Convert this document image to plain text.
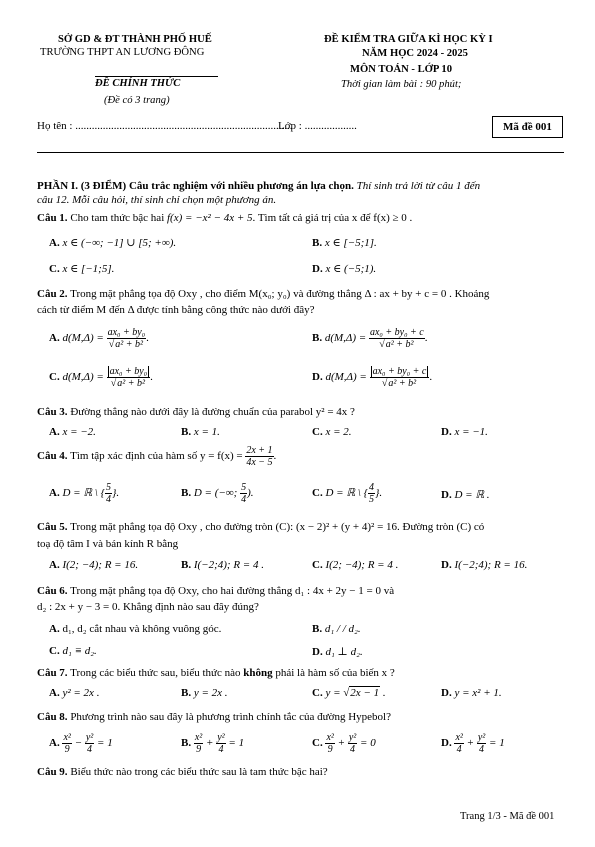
SỞ GD & ĐT THÀNH PHỐ HUẾ
TRƯỜNG THPT AN LƯƠNG ĐÔNG
ĐỀ CHÍNH THỨC
(Đề có 3 trang)
ĐỀ KIỂM TRA GIỮA KÌ HỌC KỲ I
NĂM HỌC 2024 - 2025
MÔN TOÁN - LỚP 10
Thời gian làm bài : 90 phút;
Họ tên : ...............................................................................
Lớp : ...................	Mã đề 001
PHẦN I. (3 ĐIỂM) Câu trắc nghiệm với nhiều phương án lựa chọn. Thí sinh trả lời từ câu 1 đến
câu 12. Mỗi câu hỏi, thí sinh chỉ chọn một phương án.
Câu 1. Cho tam thức bậc hai f(x) = −x² − 4x + 5. Tìm tất cả giá trị của x để f(x) ≥ 0 .
A. x ∈ (−∞; −1] ∪ [5; +∞).	B. x ∈ [−5;1].
C. x ∈ [−1;5].	D. x ∈ (−5;1).
Câu 2. Trong mặt phẳng tọa độ Oxy , cho điểm M(x₀; y₀) và đường thẳng Δ : ax + by + c = 0 . Khoảng
cách từ điểm M đến Δ được tính bằng công thức nào dưới đây?
A. $d(M,\Delta) = \frac{\text{ax₀ + by₀}}{\text{√a² + b²}}$ .	B. $d(M,\Delta) = \frac{\text{ax₀ + by₀ + c}}{\text{√a² + b²}}$ .
C. $d(M,\Delta) = \frac{\text{ax₀ + by₀}}{\text{√a² + b²}}$ .	D. $d(M,\Delta) = \frac{\text{ax₀ + by₀ + c}}{\text{√a² + b²}}$ .
Câu 3. Đường thẳng nào dưới đây là đường chuẩn của parabol y² = 4x ?
A. x = −2.	B. x = 1.	C. x = 2.	D. x = −1.
Câu 4. Tìm tập xác định của hàm số $y = f(x) = \frac{2x + 1}{4x - 5}$ .
A. D = ℝ \ { $\frac{5}{4}$ }.	B. D = (−∞; $\frac{5}{4}$ ).	C. D = ℝ \ { $\frac{4}{5}$ }.	D. D = ℝ .
Câu 5. Trong mặt phẳng tọa độ Oxy , cho đường tròn (C): (x − 2)² + (y + 4)² = 16. Đường tròn (C) có
toạ độ tâm I và bán kính R bằng
A. I(2; −4); R = 16.	B. I(−2;4); R = 4 .	C. I(2; −4); R = 4 .	D. I(−2;4); R = 16.
Câu 6. Trong mặt phẳng tọa độ Oxy, cho hai đường thẳng d₁ : 4x + 2y − 1 = 0 và
d₂ : 2x + y − 3 = 0. Khẳng định nào sau đây đúng?
A. d₁, d₂ cắt nhau và không vuông góc.	B. d₁ / / d₂.
C. d₁ ≡ d₂.	D. d₁ ⊥ d₂.
Câu 7. Trong các biểu thức sau, biểu thức nào không phải là hàm số của biến x ?
A. y² = 2x .	B. y = 2x .	C. y = √2x − 1 .	D. y = x² + 1.
Câu 8. Phương trình nào sau đây là phương trình chính tắc của đường Hypebol?
A. $\frac{\text{x²}}{9} - \frac{\text{y²}}{4} = 1$	B. $\frac{\text{x²}}{9} + \frac{\text{y²}}{4} = 1$	C. $\frac{\text{x²}}{9} + \frac{\text{y²}}{4} = 0$	D. $\frac{\text{x²}}{4} + \frac{\text{y²}}{4} = 1$
Câu 9. Biểu thức nào trong các biểu thức sau là tam thức bậc hai?
Trang 1/3 - Mã đề 001
